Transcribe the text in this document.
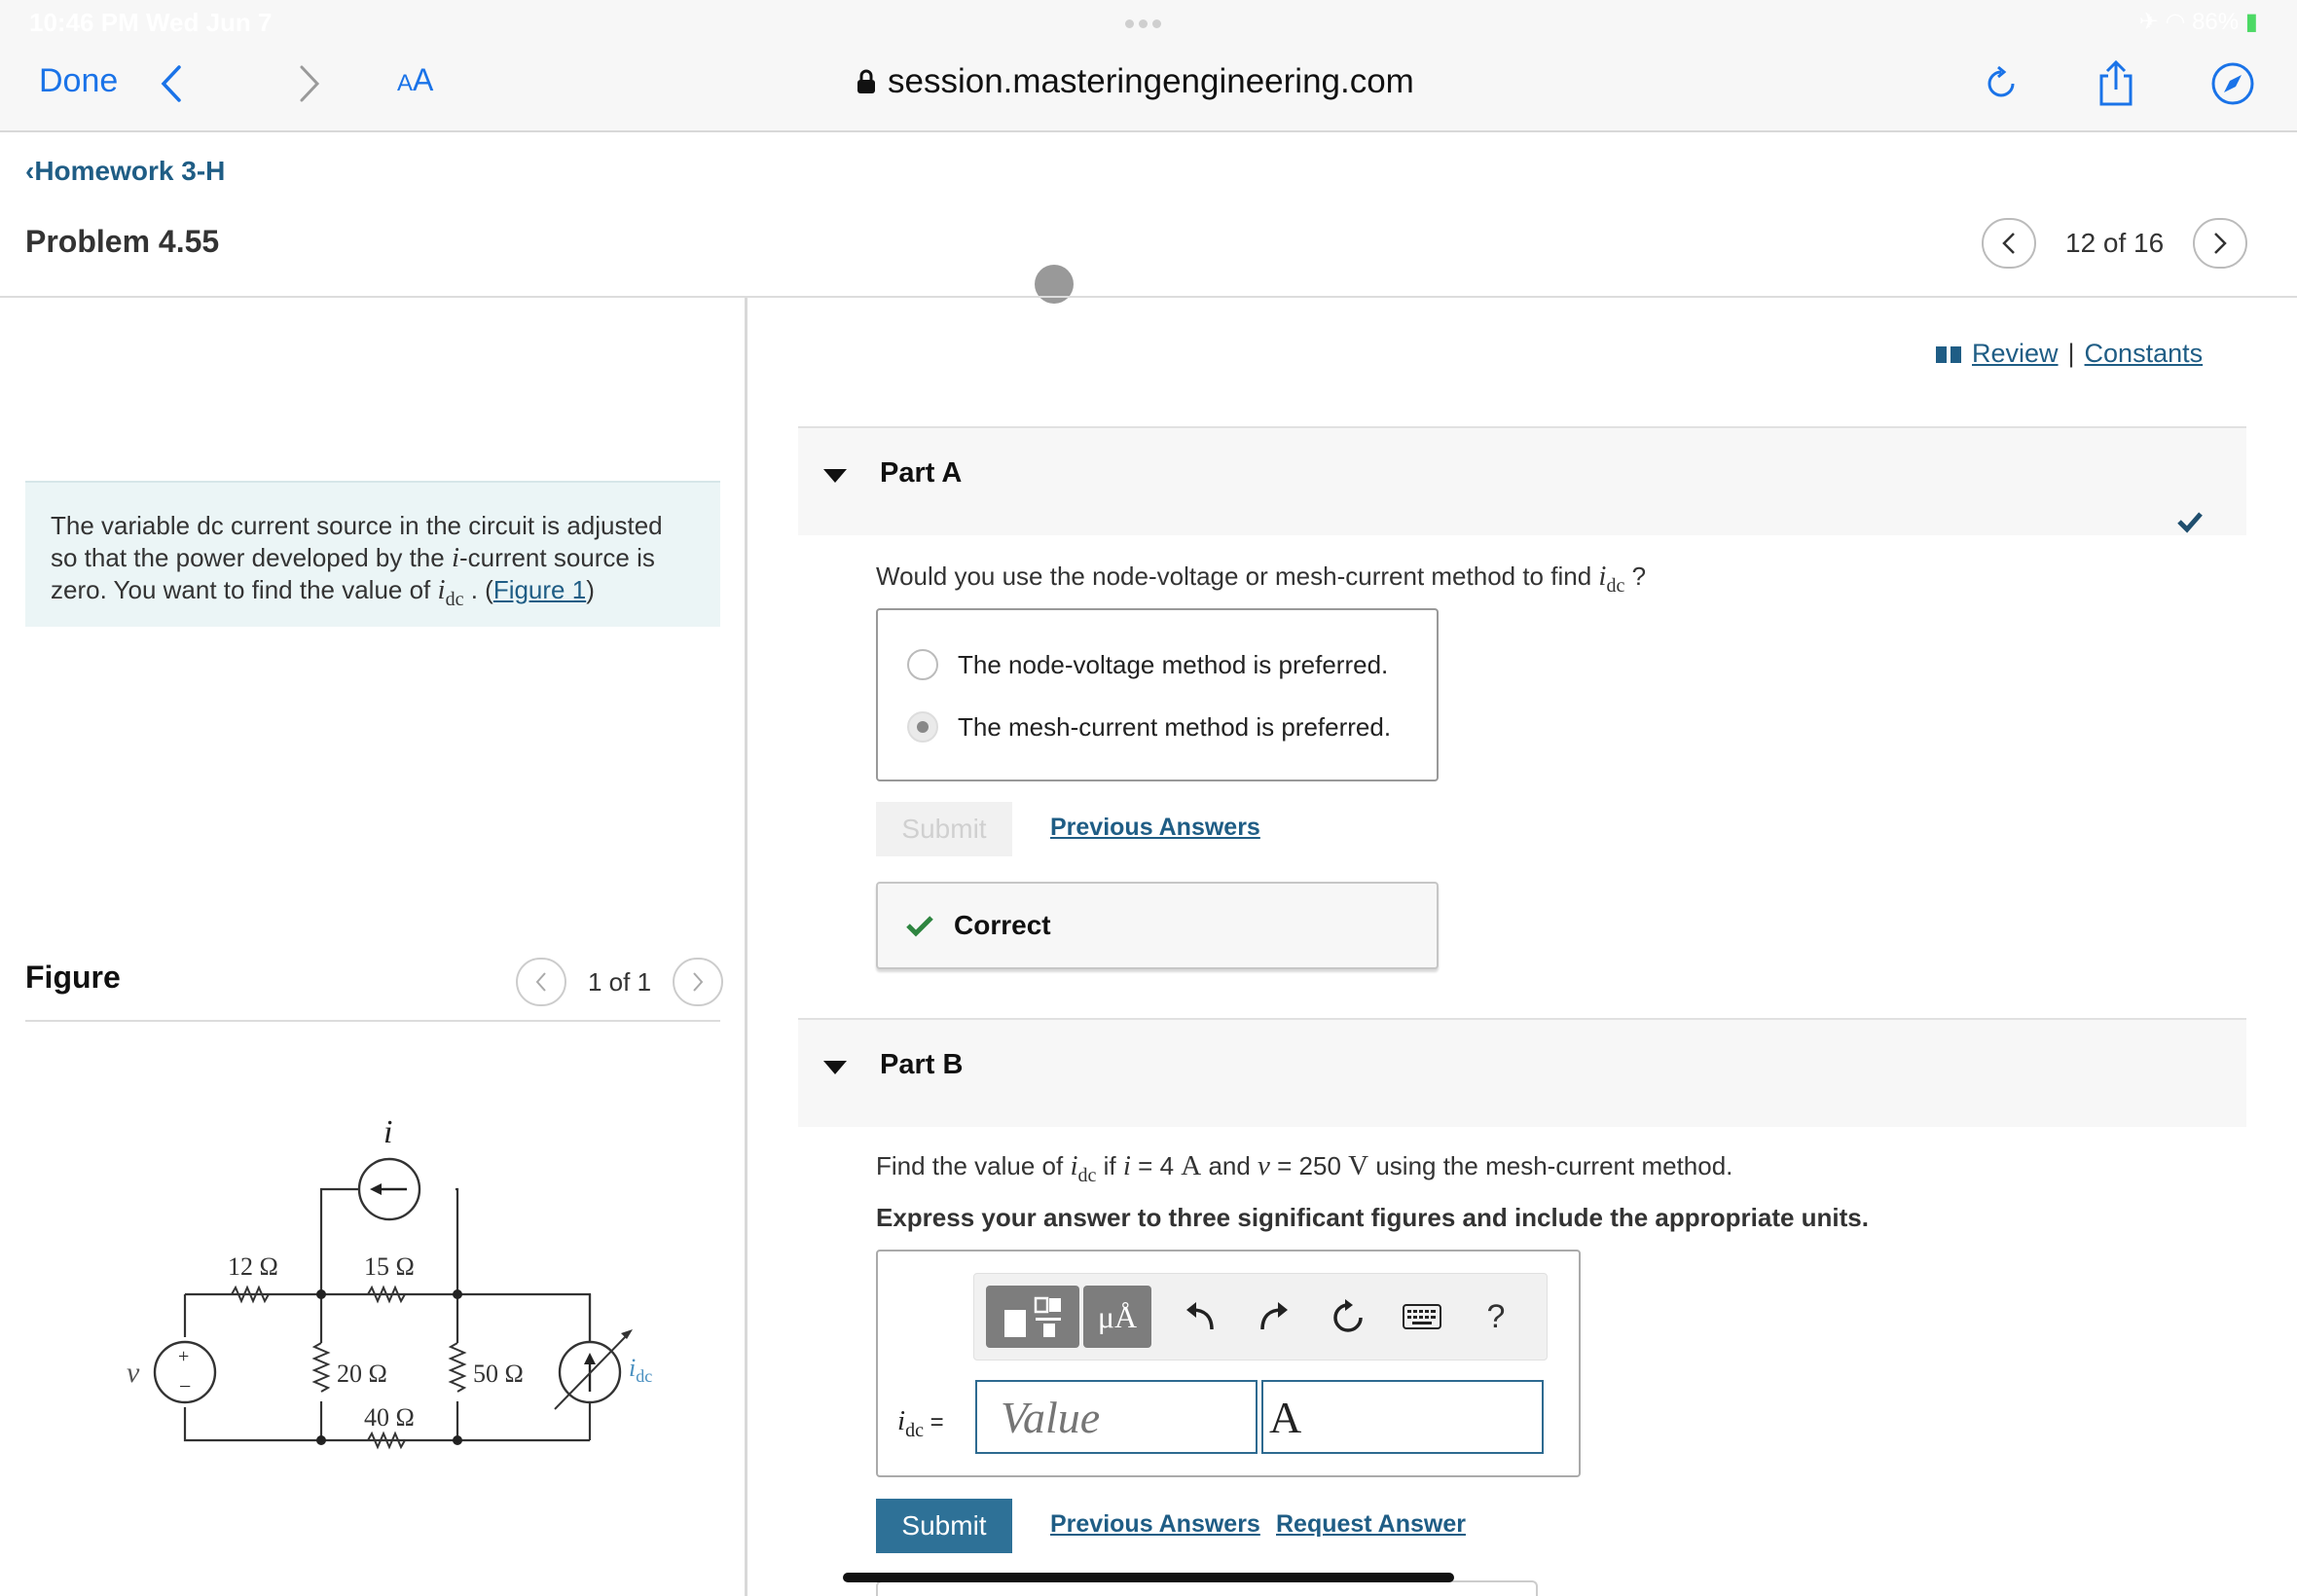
10:46 PM Wed Jun 7	✈ ◠ 86% ▮
Done	AA	session.masteringengineering.com
‹Homework 3-H
Problem 4.55	12 of 16
The variable dc current source in the circuit is adjusted so that the power developed by the i-current source is zero. You want to find the value of $i_{dc}$ . (Figure 1)
Figure	1 of 1
i
+
−
v	$i_{dc}$
12 Ω	15 Ω
20 Ω	50 Ω
40 Ω
Review | Constants
Part A
Would you use the node-voltage or mesh-current method to find $i_{dc}$ ?
The node-voltage method is preferred.
The mesh-current method is preferred.
Submit	Previous Answers
Correct
Part B
Find the value of $i_{dc}$ if i = 4 A and v = 250 V using the mesh-current method.
Express your answer to three significant figures and include the appropriate units.
μÅ	?
$i_{dc}$ =
Value
A
Submit	Previous Answers Request Answer
